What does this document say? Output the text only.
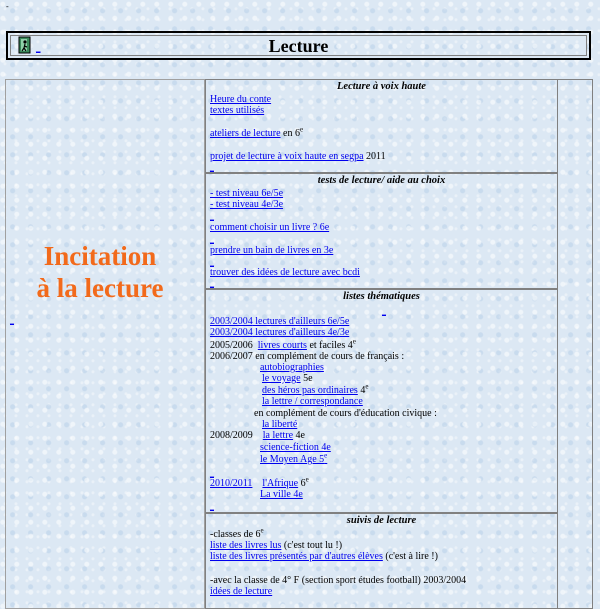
-
_	Lecture
Incitation
à la lecture
_
Lecture à voix haute
Heure du conte
textes utilisés
ateliers de lecture en 6e
projet de lecture à voix haute en segpa 2011
_
tests de lecture/ aide au choix
- test niveau 6e/5e
- test niveau 4e/3e
_
comment choisir un livre ? 6e
_
prendre un bain de livres en 3e
_
trouver des idées de lecture avec bcdi
_
listes thématiques
_
2003/2004 lectures d'ailleurs 6e/5e
2003/2004 lectures d'ailleurs 4e/3e
2005/2006 livres courts et faciles 4e
2006/2007 en complément de cours de français :
autobiographies
le voyage 5e
des héros pas ordinaires 4e
la lettre / correspondance
en complément de cours d'éducation civique :
la liberté
2008/2009 la lettre 4e
science-fiction 4e
le Moyen Age 5e
_
2010/2011 l'Afrique 6e
La ville 4e
_
suivis de lecture
-classes de 6e
liste des livres lus (c'est tout lu !)
liste des livres présentés par d'autres élèves (c'est à lire !)
-avec la classe de 4° F (section sport études football) 2003/2004
idées de lecture
